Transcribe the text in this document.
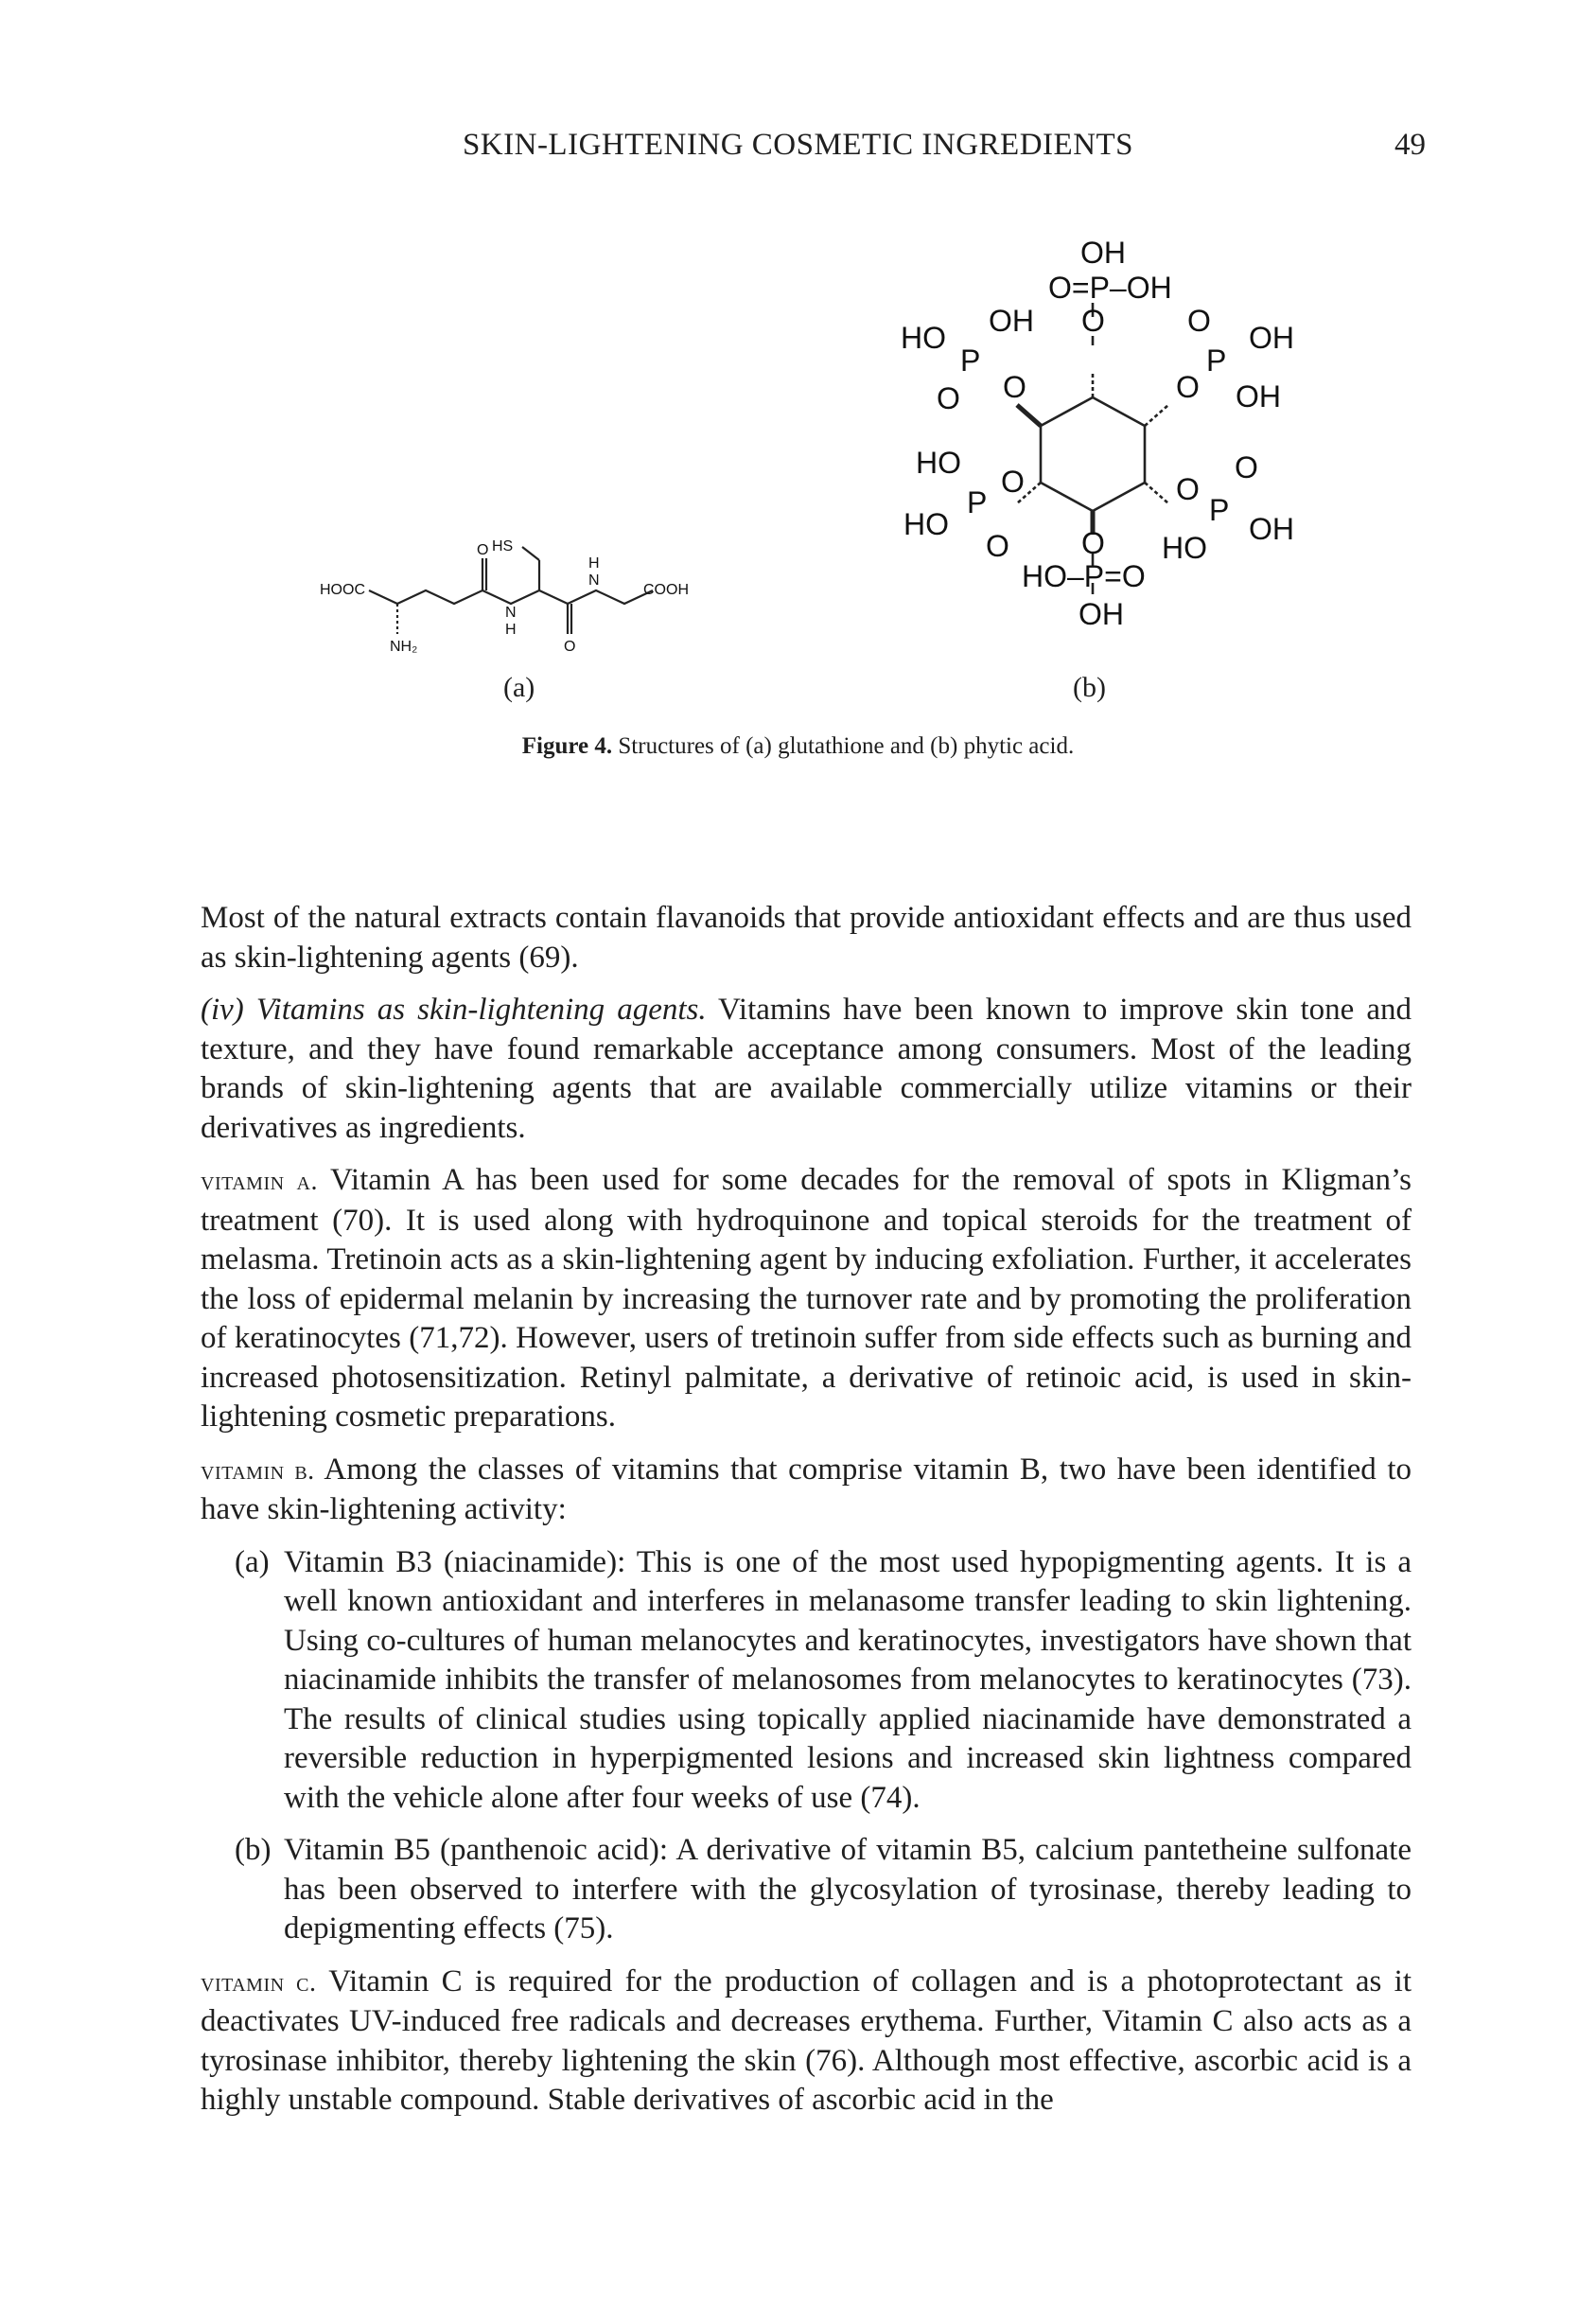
SKIN-LIGHTENING COSMETIC INGREDIENTS	49
HOOC
NH₂
HS
O
N
H
O
H
N
COOH
OH
O=P–OH
O
HO OH
P
O O	O
P
OH
OH
O
HO
O
P
HO
O
O
P
O
HO
OH
O
HO–P=O
OH
(a)	(b)
Figure 4. Structures of (a) glutathione and (b) phytic acid.

Most of the natural extracts contain flavanoids that provide antioxidant effects and are thus used as skin-lightening agents (69).

(iv) Vitamins as skin-lightening agents. Vitamins have been known to improve skin tone and texture, and they have found remarkable acceptance among consumers. Most of the leading brands of skin-lightening agents that are available commercially utilize vitamins or their derivatives as ingredients.

vitamin a. Vitamin A has been used for some decades for the removal of spots in Kligman’s treatment (70). It is used along with hydroquinone and topical steroids for the treatment of melasma. Tretinoin acts as a skin-lightening agent by inducing exfoliation. Further, it accelerates the loss of epidermal melanin by increasing the turnover rate and by promoting the proliferation of keratinocytes (71,72). However, users of tretinoin suffer from side effects such as burning and increased photosensitization. Retinyl palmitate, a derivative of retinoic acid, is used in skin-lightening cosmetic preparations.

vitamin b. Among the classes of vitamins that comprise vitamin B, two have been identified to have skin-lightening activity:

(a) Vitamin B3 (niacinamide): This is one of the most used hypopigmenting agents. It is a well known antioxidant and interferes in melanasome transfer leading to skin lightening. Using co-cultures of human melanocytes and keratinocytes, investigators have shown that niacinamide inhibits the transfer of melanosomes from melanocytes to keratinocytes (73). The results of clinical studies using topically applied niacinamide have demonstrated a reversible reduction in hyperpigmented lesions and increased skin lightness compared with the vehicle alone after four weeks of use (74).
(b) Vitamin B5 (panthenoic acid): A derivative of vitamin B5, calcium pantetheine sulfonate has been observed to interfere with the glycosylation of tyrosinase, thereby leading to depigmenting effects (75).

vitamin c. Vitamin C is required for the production of collagen and is a photoprotectant as it deactivates UV-induced free radicals and decreases erythema. Further, Vitamin C also acts as a tyrosinase inhibitor, thereby lightening the skin (76). Although most effective, ascorbic acid is a highly unstable compound. Stable derivatives of ascorbic acid in the
